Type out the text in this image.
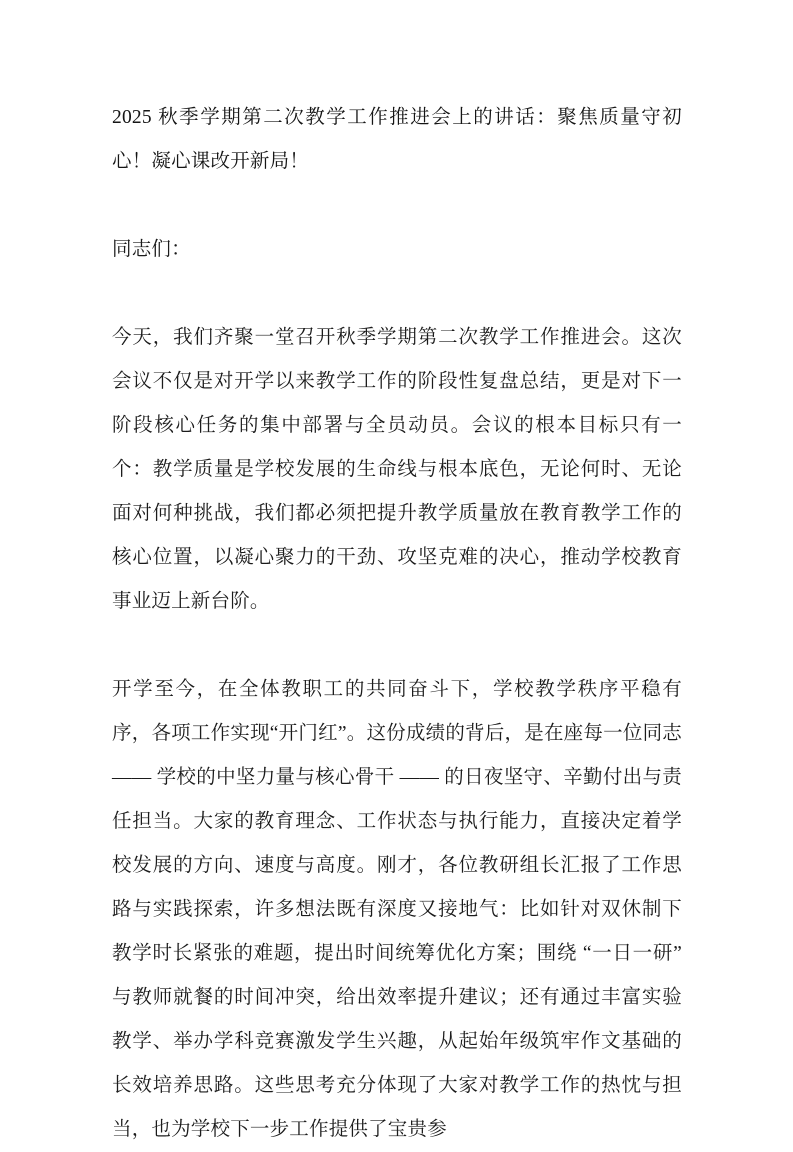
2025 秋季学期第二次教学工作推进会上的讲话：聚焦质量守初心！凝心课改开新局！

同志们：

今天，我们齐聚一堂召开秋季学期第二次教学工作推进会。这次会议不仅是对开学以来教学工作的阶段性复盘总结，更是对下一阶段核心任务的集中部署与全员动员。会议的根本目标只有一个：教学质量是学校发展的生命线与根本底色，无论何时、无论面对何种挑战，我们都必须把提升教学质量放在教育教学工作的核心位置，以凝心聚力的干劲、攻坚克难的决心，推动学校教育事业迈上新台阶。

开学至今，在全体教职工的共同奋斗下，学校教学秩序平稳有序，各项工作实现“开门红”。这份成绩的背后，是在座每一位同志 —— 学校的中坚力量与核心骨干 —— 的日夜坚守、辛勤付出与责任担当。大家的教育理念、工作状态与执行能力，直接决定着学校发展的方向、速度与高度。刚才，各位教研组长汇报了工作思路与实践探索，许多想法既有深度又接地气：比如针对双休制下教学时长紧张的难题，提出时间统筹优化方案；围绕 “一日一研” 与教师就餐的时间冲突，给出效率提升建议；还有通过丰富实验教学、举办学科竞赛激发学生兴趣，从起始年级筑牢作文基础的长效培养思路。这些思考充分体现了大家对教学工作的热忱与担当，也为学校下一步工作提供了宝贵参
